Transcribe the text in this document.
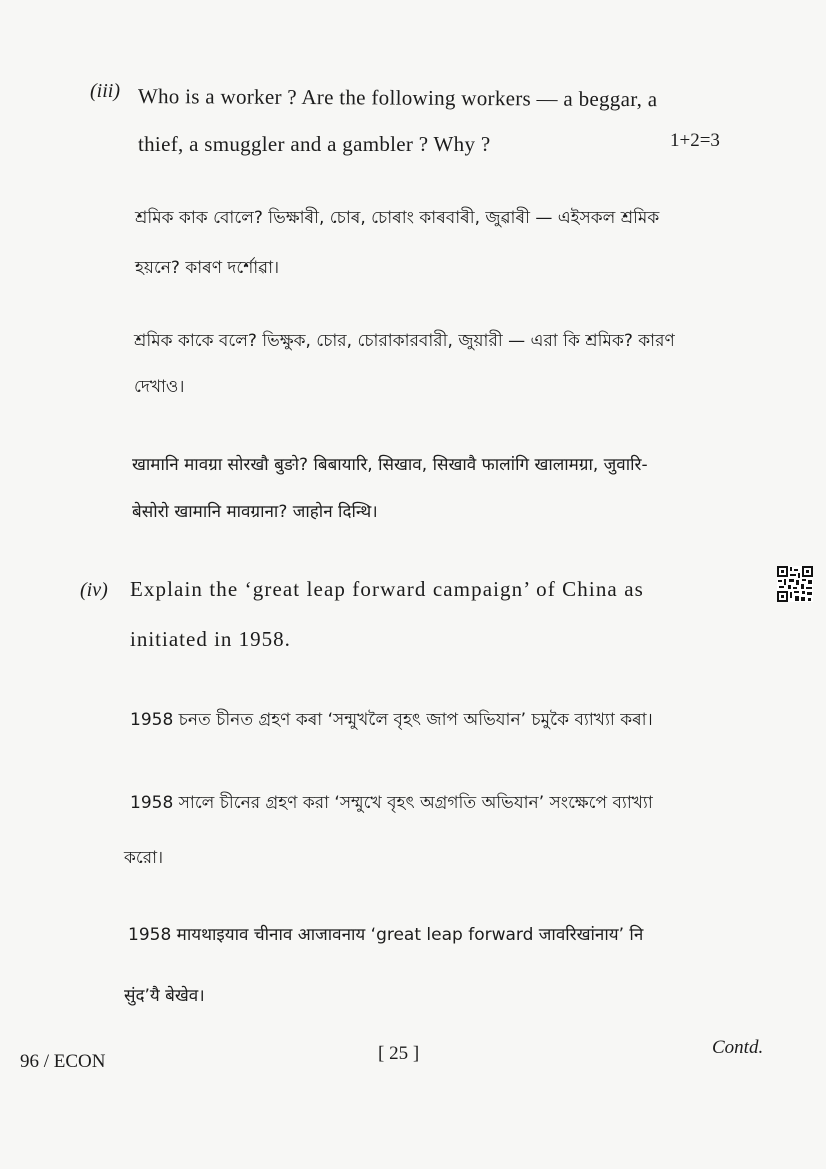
(iii) Who is a worker ? Are the following workers — a beggar, a
thief, a smuggler and a gambler ? Why ?	1+2=3
শ্ৰমিক কাক বোলে? ভিক্ষাৰী, চোৰ, চোৰাং কাৰবাৰী, জুৱাৰী — এইসকল শ্ৰমিক
হয়নে? কাৰণ দৰ্শোৱা।
শ্রমিক কাকে বলে? ভিক্ষুক, চোর, চোরাকারবারী, জুয়ারী — এরা কি শ্রমিক? কারণ
দেখাও।
खामानि मावग्रा सोरखौ बुङो? बिबायारि, सिखाव, सिखावै फालांगि खालामग्रा, जुवारि-
बेसोरो खामानि मावग्राना? जाहोन दिन्थि।
(iv) Explain the ‘great leap forward campaign’ of China as
initiated in 1958.
1958 চনত চীনত গ্ৰহণ কৰা ‘সন্মুখলৈ বৃহৎ জাপ অভিযান’ চমুকৈ ব্যাখ্যা কৰা।
1958 সালে চীনের গ্রহণ করা ‘সম্মুখে বৃহৎ অগ্রগতি অভিযান’ সংক্ষেপে ব্যাখ্যা
করো।
1958 मायथाइयाव चीनाव आजावनाय ‘great leap forward जावरिखांनाय’ नि
सुंद’यै बेखेव।
96 / ECON	[ 25 ]	Contd.
